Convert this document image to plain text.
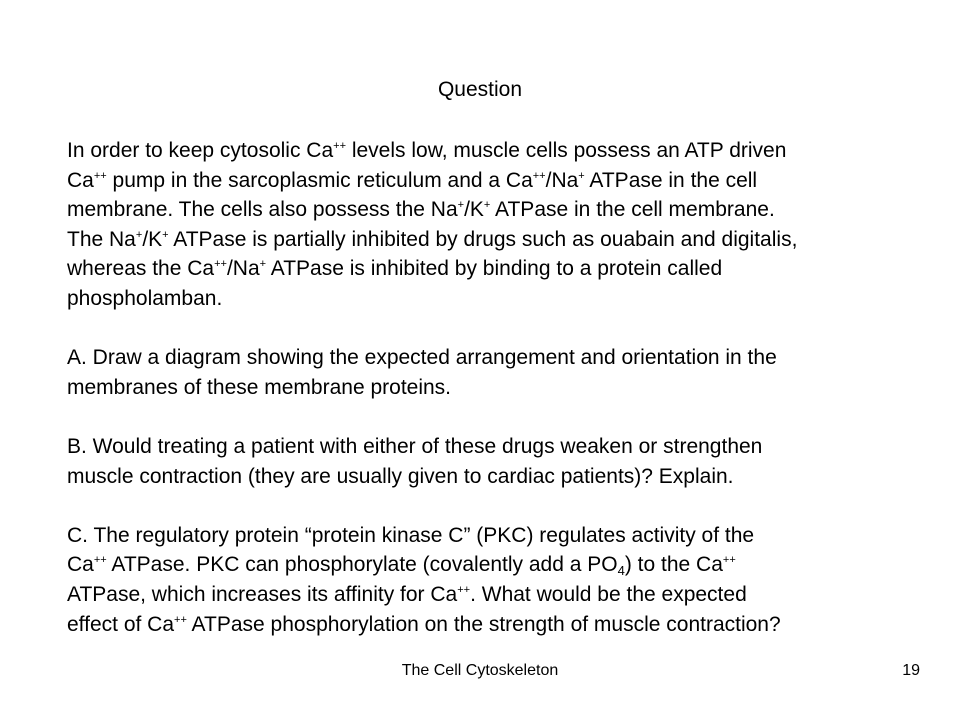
Question
In order to keep cytosolic Ca++ levels low, muscle cells possess an ATP driven
Ca++ pump in the sarcoplasmic reticulum and a Ca++/Na+ ATPase in the cell
membrane. The cells also possess the Na+/K+ ATPase in the cell membrane.
The Na+/K+ ATPase is partially inhibited by drugs such as ouabain and digitalis,
whereas the Ca++/Na+ ATPase is inhibited by binding to a protein called
phospholamban.
A. Draw a diagram showing the expected arrangement and orientation in the
membranes of these membrane proteins.
B. Would treating a patient with either of these drugs weaken or strengthen
muscle contraction (they are usually given to cardiac patients)? Explain.
C. The regulatory protein “protein kinase C” (PKC) regulates activity of the
Ca++ ATPase. PKC can phosphorylate (covalently add a $PO_4$) to the Ca++
ATPase, which increases its affinity for Ca++. What would be the expected
effect of Ca++ ATPase phosphorylation on the strength of muscle contraction?
The Cell Cytoskeleton	19
